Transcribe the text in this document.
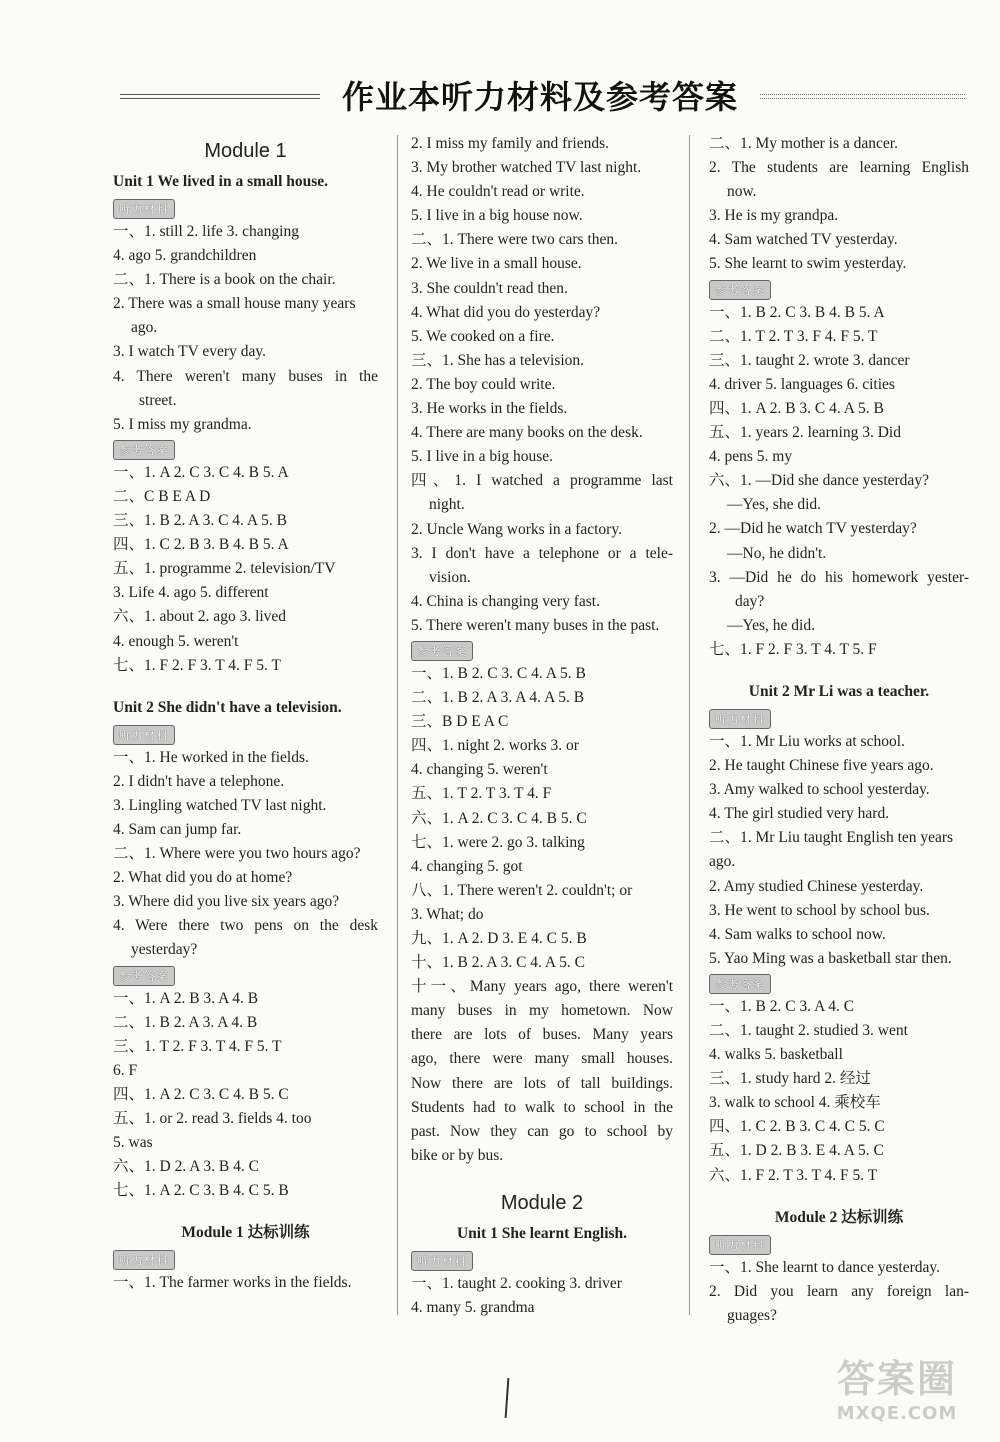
作业本听力材料及参考答案
Module 1
Unit 1 We lived in a small house.
听力材料
一、1. still 2. life 3. changing
4. ago 5. grandchildren
二、1. There is a book on the chair.
2. There was a small house many years
ago.
3. I watch TV every day.
4. There weren't many buses in the
street.
5. I miss my grandma.
参考答案
一、1. A 2. C 3. C 4. B 5. A
二、C B E A D
三、1. B 2. A 3. C 4. A 5. B
四、1. C 2. B 3. B 4. B 5. A
五、1. programme 2. television/TV
3. Life 4. ago 5. different
六、1. about 2. ago 3. lived
4. enough 5. weren't
七、1. F 2. F 3. T 4. F 5. T
Unit 2 She didn't have a television.
听力材料
一、1. He worked in the fields.
2. I didn't have a telephone.
3. Lingling watched TV last night.
4. Sam can jump far.
二、1. Where were you two hours ago?
2. What did you do at home?
3. Where did you live six years ago?
4. Were there two pens on the desk
yesterday?
参考答案
一、1. A 2. B 3. A 4. B
二、1. B 2. A 3. A 4. B
三、1. T 2. F 3. T 4. F 5. T
6. F
四、1. A 2. C 3. C 4. B 5. C
五、1. or 2. read 3. fields 4. too
5. was
六、1. D 2. A 3. B 4. C
七、1. A 2. C 3. B 4. C 5. B
Module 1 达标训练
听力材料
一、1. The farmer works in the fields.
2. I miss my family and friends.
3. My brother watched TV last night.
4. He couldn't read or write.
5. I live in a big house now.
二、1. There were two cars then.
2. We live in a small house.
3. She couldn't read then.
4. What did you do yesterday?
5. We cooked on a fire.
三、1. She has a television.
2. The boy could write.
3. He works in the fields.
4. There are many books on the desk.
5. I live in a big house.
四、1. I watched a programme last
night.
2. Uncle Wang works in a factory.
3. I don't have a telephone or a tele-
vision.
4. China is changing very fast.
5. There weren't many buses in the past.
参考答案
一、1. B 2. C 3. C 4. A 5. B
二、1. B 2. A 3. A 4. A 5. B
三、B D E A C
四、1. night 2. works 3. or
4. changing 5. weren't
五、1. T 2. T 3. T 4. F
六、1. A 2. C 3. C 4. B 5. C
七、1. were 2. go 3. talking
4. changing 5. got
八、1. There weren't 2. couldn't; or
3. What; do
九、1. A 2. D 3. E 4. C 5. B
十、1. B 2. A 3. C 4. A 5. C
十一、Many years ago, there weren't
many buses in my hometown. Now
there are lots of buses. Many years
ago, there were many small houses.
Now there are lots of tall buildings.
Students had to walk to school in the
past. Now they can go to school by
bike or by bus.
Module 2
Unit 1 She learnt English.
听力材料
一、1. taught 2. cooking 3. driver
4. many 5. grandma
二、1. My mother is a dancer.
2. The students are learning English
now.
3. He is my grandpa.
4. Sam watched TV yesterday.
5. She learnt to swim yesterday.
参考答案
一、1. B 2. C 3. B 4. B 5. A
二、1. T 2. T 3. F 4. F 5. T
三、1. taught 2. wrote 3. dancer
4. driver 5. languages 6. cities
四、1. A 2. B 3. C 4. A 5. B
五、1. years 2. learning 3. Did
4. pens 5. my
六、1. —Did she dance yesterday?
—Yes, she did.
2. —Did he watch TV yesterday?
—No, he didn't.
3. —Did he do his homework yester-
day?
—Yes, he did.
七、1. F 2. F 3. T 4. T 5. F
Unit 2 Mr Li was a teacher.
听力材料
一、1. Mr Liu works at school.
2. He taught Chinese five years ago.
3. Amy walked to school yesterday.
4. The girl studied very hard.
二、1. Mr Liu taught English ten years
ago.
2. Amy studied Chinese yesterday.
3. He went to school by school bus.
4. Sam walks to school now.
5. Yao Ming was a basketball star then.
参考答案
一、1. B 2. C 3. A 4. C
二、1. taught 2. studied 3. went
4. walks 5. basketball
三、1. study hard 2. 经过
3. walk to school 4. 乘校车
四、1. C 2. B 3. C 4. C 5. C
五、1. D 2. B 3. E 4. A 5. C
六、1. F 2. T 3. T 4. F 5. T
Module 2 达标训练
听力材料
一、1. She learnt to dance yesterday.
2. Did you learn any foreign lan-
guages?
答案圈
MXQE.COM
